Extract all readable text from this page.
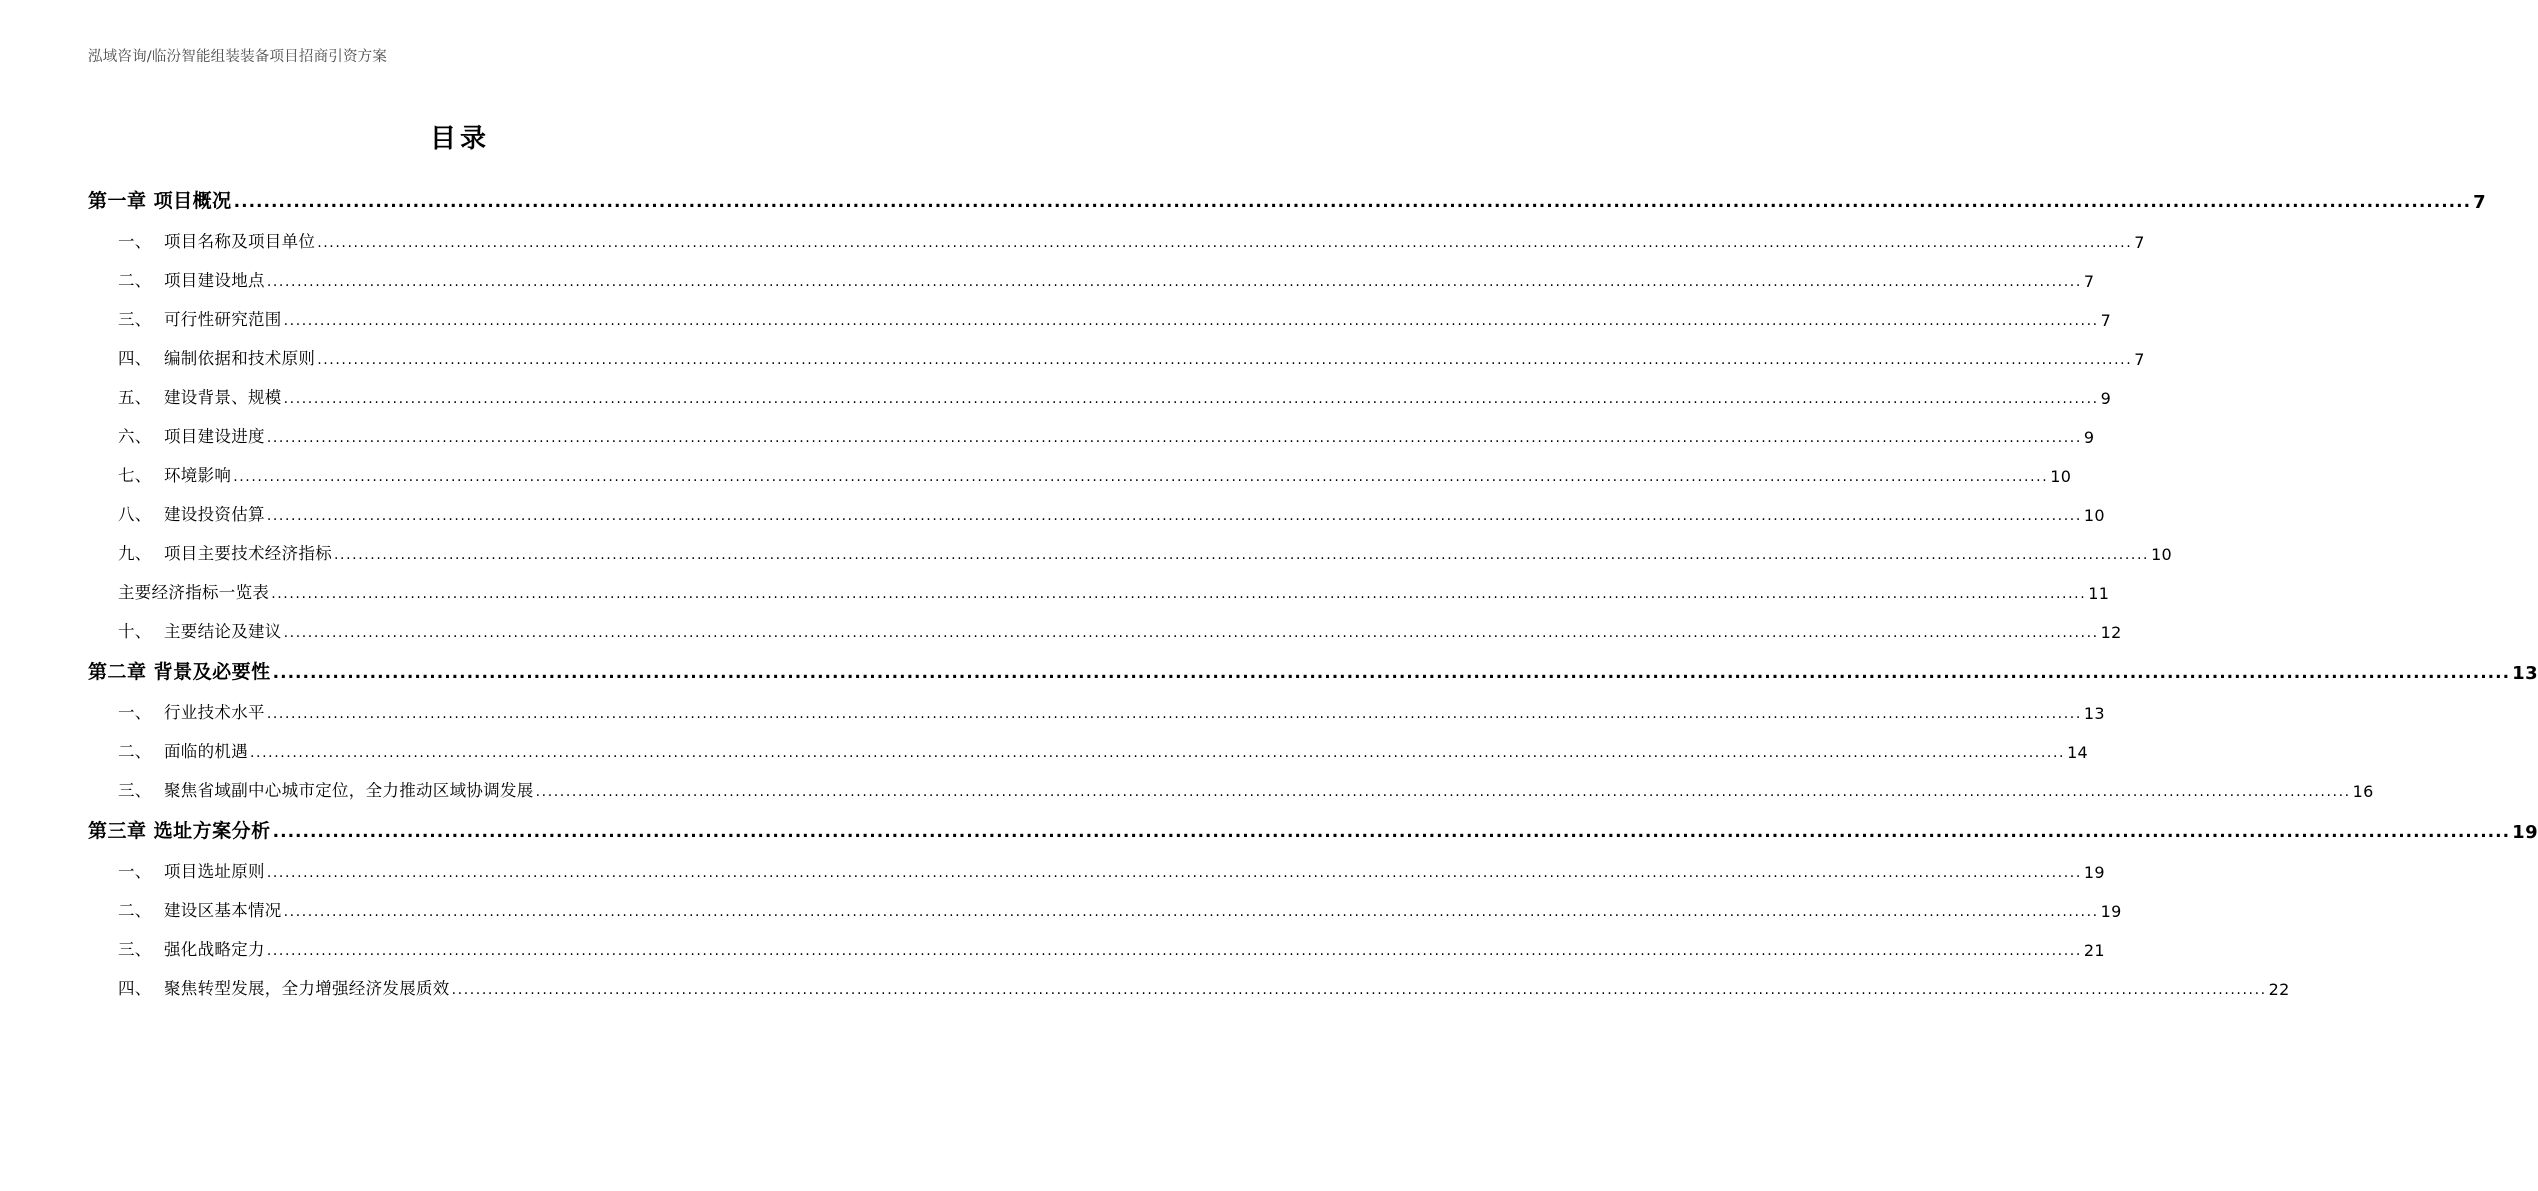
泓域咨询/临汾智能组装装备项目招商引资方案
目录
第一章 项目概况 ............................................................................................................................................................................................................................................................................................................ 7
一、 项目名称及项目单位 ............................................................................................................................................................................................................................................................................................................ 7
二、 项目建设地点 ............................................................................................................................................................................................................................................................................................................ 7
三、 可行性研究范围 ............................................................................................................................................................................................................................................................................................................ 7
四、 编制依据和技术原则 ............................................................................................................................................................................................................................................................................................................ 7
五、 建设背景、规模 ............................................................................................................................................................................................................................................................................................................ 9
六、 项目建设进度 ............................................................................................................................................................................................................................................................................................................ 9
七、 环境影响 ............................................................................................................................................................................................................................................................................................................ 10
八、 建设投资估算 ............................................................................................................................................................................................................................................................................................................ 10
九、 项目主要技术经济指标 ............................................................................................................................................................................................................................................................................................................ 10
主要经济指标一览表 ............................................................................................................................................................................................................................................................................................................ 11
十、 主要结论及建议 ............................................................................................................................................................................................................................................................................................................ 12
第二章 背景及必要性 ............................................................................................................................................................................................................................................................................................................ 13
一、 行业技术水平 ............................................................................................................................................................................................................................................................................................................ 13
二、 面临的机遇 ............................................................................................................................................................................................................................................................................................................ 14
三、 聚焦省域副中心城市定位，全力推动区域协调发展 ............................................................................................................................................................................................................................................................................................................ 16
第三章 选址方案分析 ............................................................................................................................................................................................................................................................................................................ 19
一、 项目选址原则 ............................................................................................................................................................................................................................................................................................................ 19
二、 建设区基本情况 ............................................................................................................................................................................................................................................................................................................ 19
三、 强化战略定力 ............................................................................................................................................................................................................................................................................................................ 21
四、 聚焦转型发展，全力增强经济发展质效 ............................................................................................................................................................................................................................................................................................................ 22
